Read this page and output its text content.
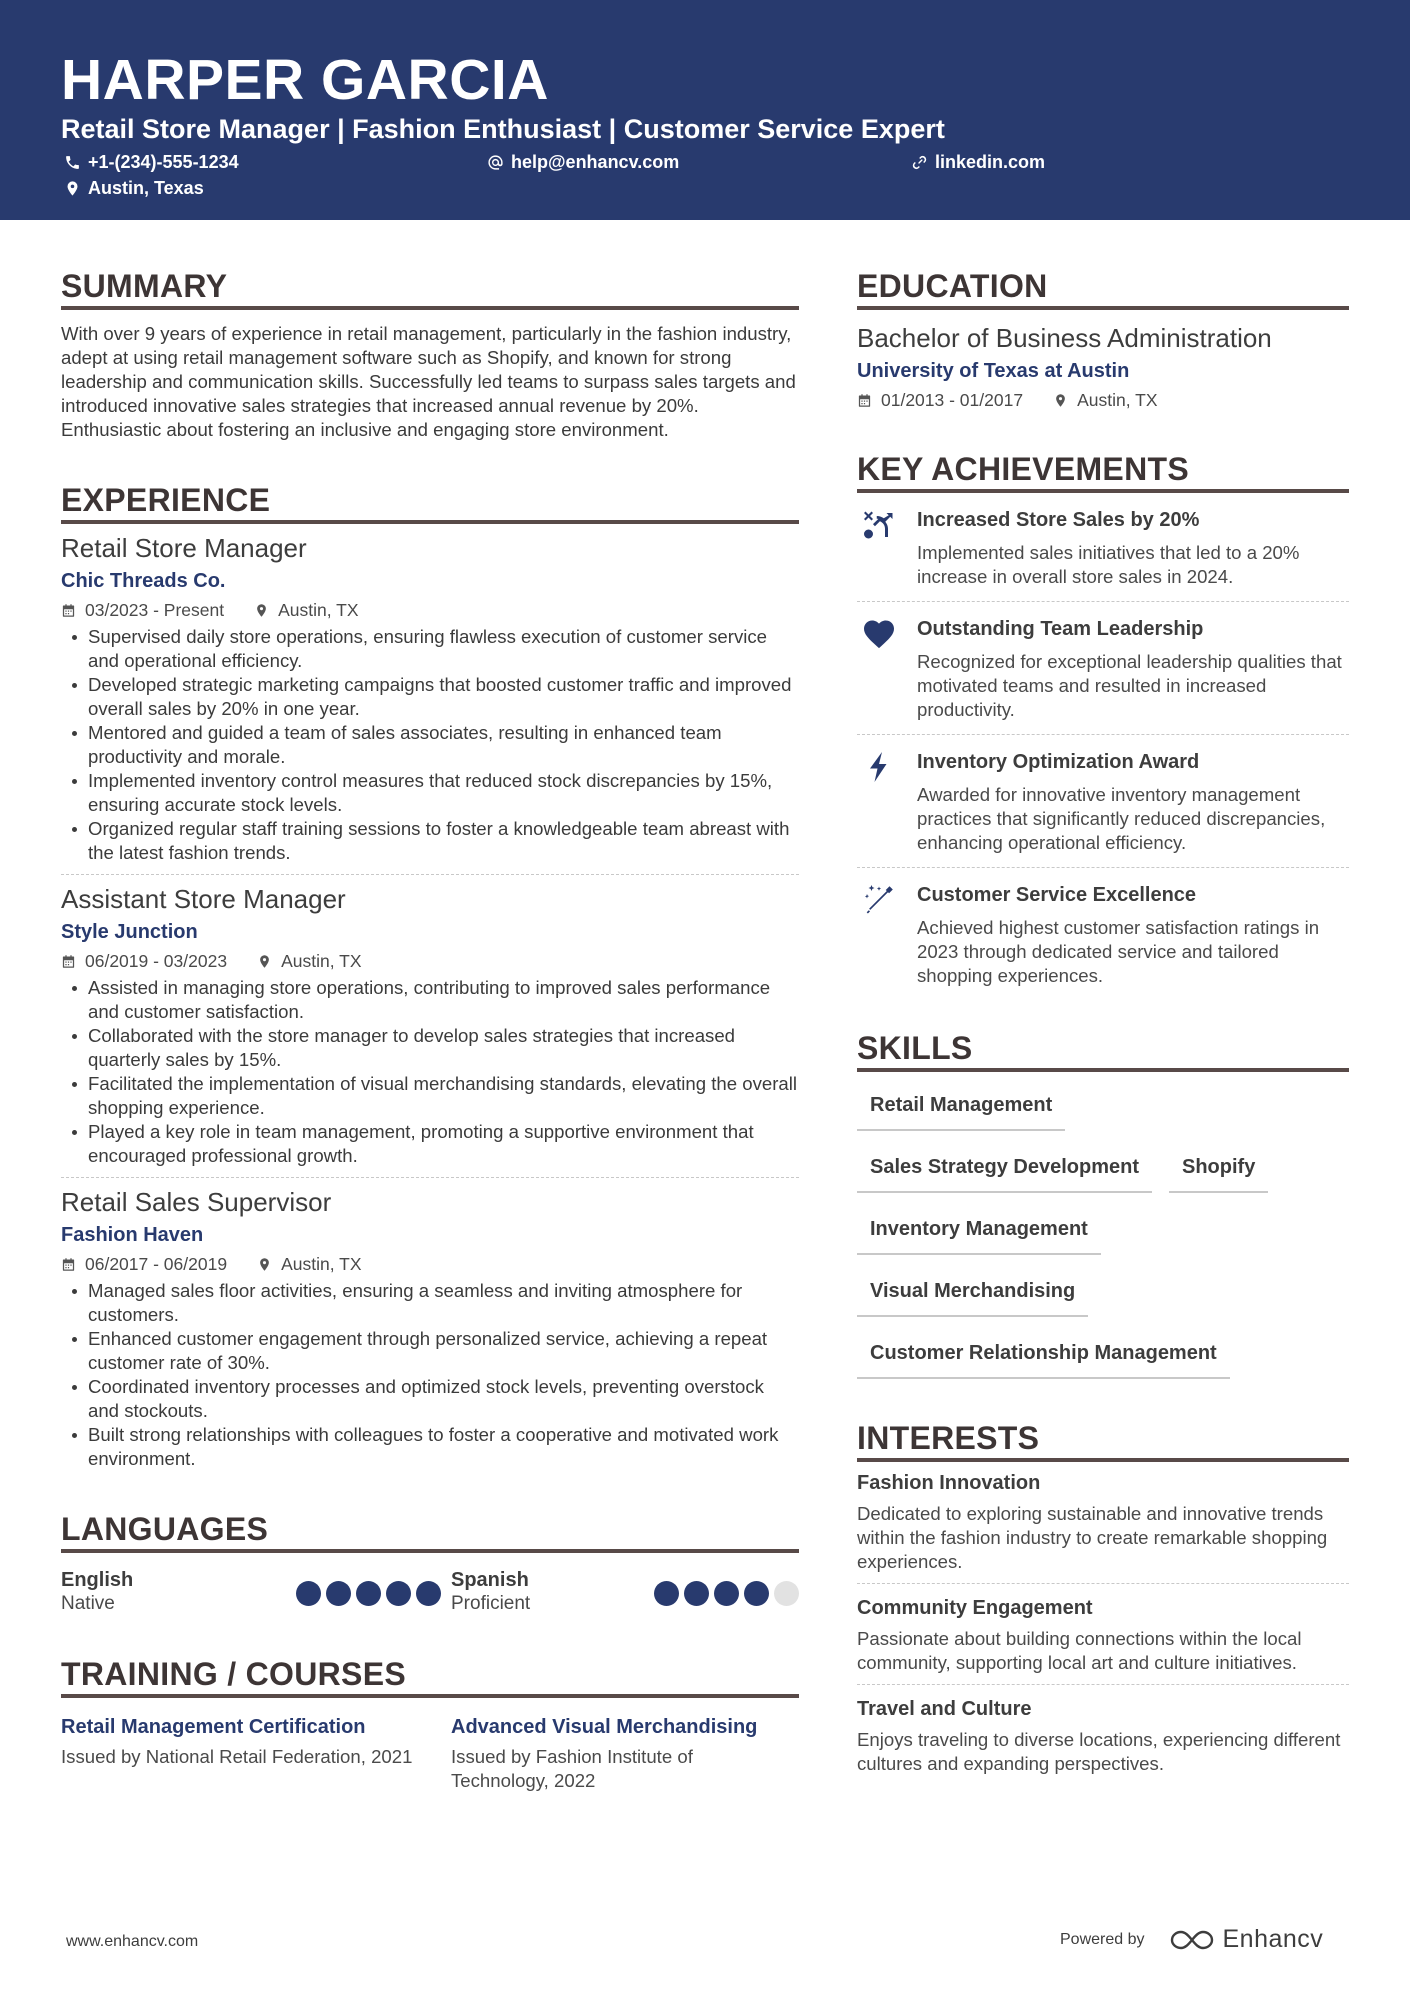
HARPER GARCIA
Retail Store Manager | Fashion Enthusiast | Customer Service Expert
+1-(234)-555-1234	help@enhancv.com	linkedin.com
Austin, Texas
SUMMARY
With over 9 years of experience in retail management, particularly in the fashion industry, adept at using retail management software such as Shopify, and known for strong leadership and communication skills. Successfully led teams to surpass sales targets and introduced innovative sales strategies that increased annual revenue by 20%. Enthusiastic about fostering an inclusive and engaging store environment.
EXPERIENCE
Retail Store Manager
Chic Threads Co.
03/2023 - Present	Austin, TX
Supervised daily store operations, ensuring flawless execution of customer service and operational efficiency.
Developed strategic marketing campaigns that boosted customer traffic and improved overall sales by 20% in one year.
Mentored and guided a team of sales associates, resulting in enhanced team productivity and morale.
Implemented inventory control measures that reduced stock discrepancies by 15%, ensuring accurate stock levels.
Organized regular staff training sessions to foster a knowledgeable team abreast with the latest fashion trends.
Assistant Store Manager
Style Junction
06/2019 - 03/2023	Austin, TX
Assisted in managing store operations, contributing to improved sales performance and customer satisfaction.
Collaborated with the store manager to develop sales strategies that increased quarterly sales by 15%.
Facilitated the implementation of visual merchandising standards, elevating the overall shopping experience.
Played a key role in team management, promoting a supportive environment that encouraged professional growth.
Retail Sales Supervisor
Fashion Haven
06/2017 - 06/2019	Austin, TX
Managed sales floor activities, ensuring a seamless and inviting atmosphere for customers.
Enhanced customer engagement through personalized service, achieving a repeat customer rate of 30%.
Coordinated inventory processes and optimized stock levels, preventing overstock and stockouts.
Built strong relationships with colleagues to foster a cooperative and motivated work environment.
LANGUAGES
English
Native
Spanish
Proficient
TRAINING / COURSES
Retail Management Certification
Issued by National Retail Federation, 2021
Advanced Visual Merchandising
Issued by Fashion Institute of Technology, 2022
EDUCATION
Bachelor of Business Administration
University of Texas at Austin
01/2013 - 01/2017	Austin, TX
KEY ACHIEVEMENTS
Increased Store Sales by 20%
Implemented sales initiatives that led to a 20% increase in overall store sales in 2024.
Outstanding Team Leadership
Recognized for exceptional leadership qualities that motivated teams and resulted in increased productivity.
Inventory Optimization Award
Awarded for innovative inventory management practices that significantly reduced discrepancies, enhancing operational efficiency.
Customer Service Excellence
Achieved highest customer satisfaction ratings in 2023 through dedicated service and tailored shopping experiences.
SKILLS
Retail Management
Sales Strategy Development	Shopify
Inventory Management
Visual Merchandising
Customer Relationship Management
INTERESTS
Fashion Innovation
Dedicated to exploring sustainable and innovative trends within the fashion industry to create remarkable shopping experiences.
Community Engagement
Passionate about building connections within the local community, supporting local art and culture initiatives.
Travel and Culture
Enjoys traveling to diverse locations, experiencing different cultures and expanding perspectives.
www.enhancv.com	Powered by	Enhancv
